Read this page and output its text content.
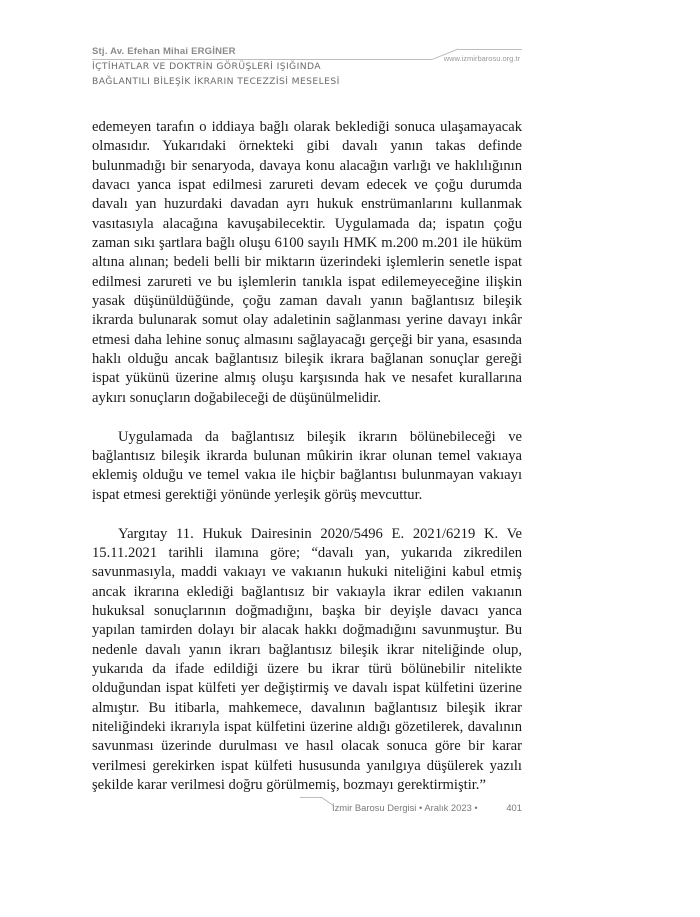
Stj. Av. Efehan Mihai ERGİNER
www.izmirbarosu.org.tr
İÇTİHATLAR VE DOKTRİN GÖRÜŞLERİ IŞIĞINDA
BAĞLANTILI BİLEŞİK İKRARIN TECEZZİSİ MESELESİ

edemeyen tarafın o iddiaya bağlı olarak beklediği sonuca ulaşamayacak olmasıdır. Yukarıdaki örnekteki gibi davalı yanın takas definde bulunmadığı bir senaryoda, davaya konu alacağın varlığı ve haklılığının davacı yanca ispat edilmesi zarureti devam edecek ve çoğu durumda davalı yan huzurdaki davadan ayrı hukuk enstrümanlarını kullanmak vasıtasıyla alacağına kavuşabilecektir. Uygulamada da; ispatın çoğu zaman sıkı şartlara bağlı oluşu 6100 sayılı HMK m.200 m.201 ile hüküm altına alınan; bedeli belli bir miktarın üzerindeki işlemlerin senetle ispat edilmesi zarureti ve bu işlemlerin tanıkla ispat edilemeyeceğine ilişkin yasak düşünüldüğünde, çoğu zaman davalı yanın bağlantısız bileşik ikrarda bulunarak somut olay adaletinin sağlanması yerine davayı inkâr etmesi daha lehine sonuç almasını sağlayacağı gerçeği bir yana, esasında haklı olduğu ancak bağlantısız bileşik ikrara bağlanan sonuçlar gereği ispat yükünü üzerine almış oluşu karşısında hak ve nesafet kurallarına aykırı sonuçların doğabileceği de düşünülmelidir.

Uygulamada da bağlantısız bileşik ikrarın bölünebileceği ve bağlantısız bileşik ikrarda bulunan mûkirin ikrar olunan temel vakıaya eklemiş olduğu ve temel vakıa ile hiçbir bağlantısı bulunmayan vakıayı ispat etmesi gerektiği yönünde yerleşik görüş mevcuttur.

Yargıtay 11. Hukuk Dairesinin 2020/5496 E. 2021/6219 K. Ve 15.11.2021 tarihli ilamına göre; “davalı yan, yukarıda zikredilen savunmasıyla, maddi vakıayı ve vakıanın hukuki niteliğini kabul etmiş ancak ikrarına eklediği bağlantısız bir vakıayla ikrar edilen vakıanın hukuksal sonuçlarının doğmadığını, başka bir deyişle davacı yanca yapılan tamirden dolayı bir alacak hakkı doğmadığını savunmuştur. Bu nedenle davalı yanın ikrarı bağlantısız bileşik ikrar niteliğinde olup, yukarıda da ifade edildiği üzere bu ikrar türü bölünebilir nitelikte olduğundan ispat külfeti yer değiştirmiş ve davalı ispat külfetini üzerine almıştır. Bu itibarla, mahkemece, davalının bağlantısız bileşik ikrar niteliğindeki ikrarıyla ispat külfetini üzerine aldığı gözetilerek, davalının savunması üzerinde durulması ve hasıl olacak sonuca göre bir karar verilmesi gerekirken ispat külfeti hususunda yanılgıya düşülerek yazılı şekilde karar verilmesi doğru görülmemiş, bozmayı gerektirmiştir.”

İzmir Barosu Dergisi • Aralık 2023 •	401
